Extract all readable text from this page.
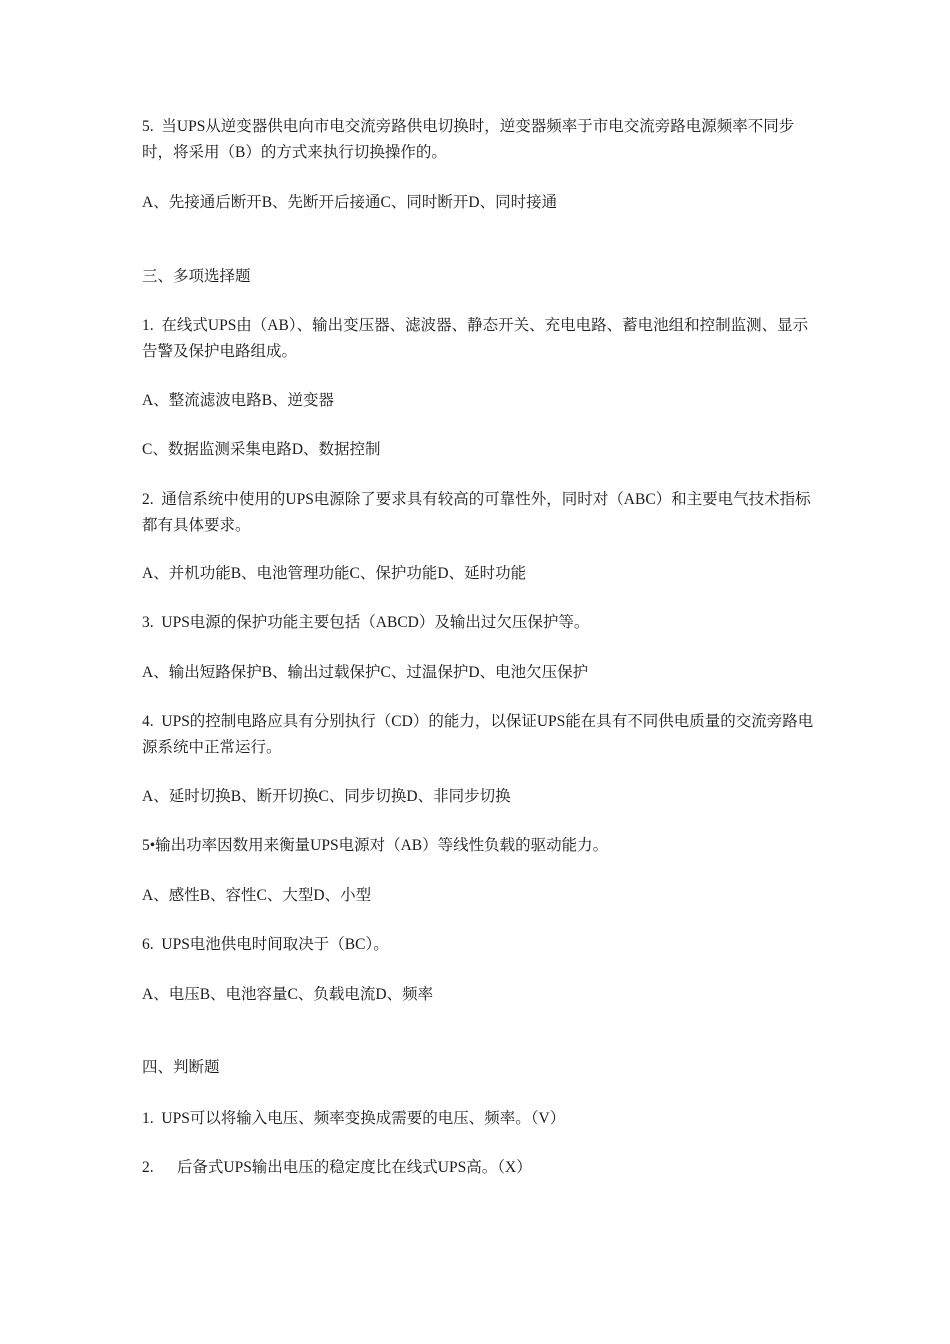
5.  当UPS从逆变器供电向市电交流旁路供电切换时，逆变器频率于市电交流旁路电源频率不同步时，将采用（B）的方式来执行切换操作的。

A、先接通后断开B、先断开后接通C、同时断开D、同时接通

三、多项选择题

1.  在线式UPS由（AB）、输出变压器、滤波器、静态开关、充电电路、蓄电池组和控制监测、显示告警及保护电路组成。

A、整流滤波电路B、逆变器

C、数据监测采集电路D、数据控制

2.  通信系统中使用的UPS电源除了要求具有较高的可靠性外，同时对（ABC）和主要电气技术指标都有具体要求。

A、并机功能B、电池管理功能C、保护功能D、延时功能

3.  UPS电源的保护功能主要包括（ABCD）及输出过欠压保护等。

A、输出短路保护B、输出过载保护C、过温保护D、电池欠压保护

4.  UPS的控制电路应具有分别执行（CD）的能力，以保证UPS能在具有不同供电质量的交流旁路电源系统中正常运行。

A、延时切换B、断开切换C、同步切换D、非同步切换

5•输出功率因数用来衡量UPS电源对（AB）等线性负载的驱动能力。

A、感性B、容性C、大型D、小型

6.  UPS电池供电时间取决于（BC）。

A、电压B、电池容量C、负载电流D、频率

四、判断题

1.  UPS可以将输入电压、频率变换成需要的电压、频率。（V）

2.      后备式UPS输出电压的稳定度比在线式UPS高。（X）
